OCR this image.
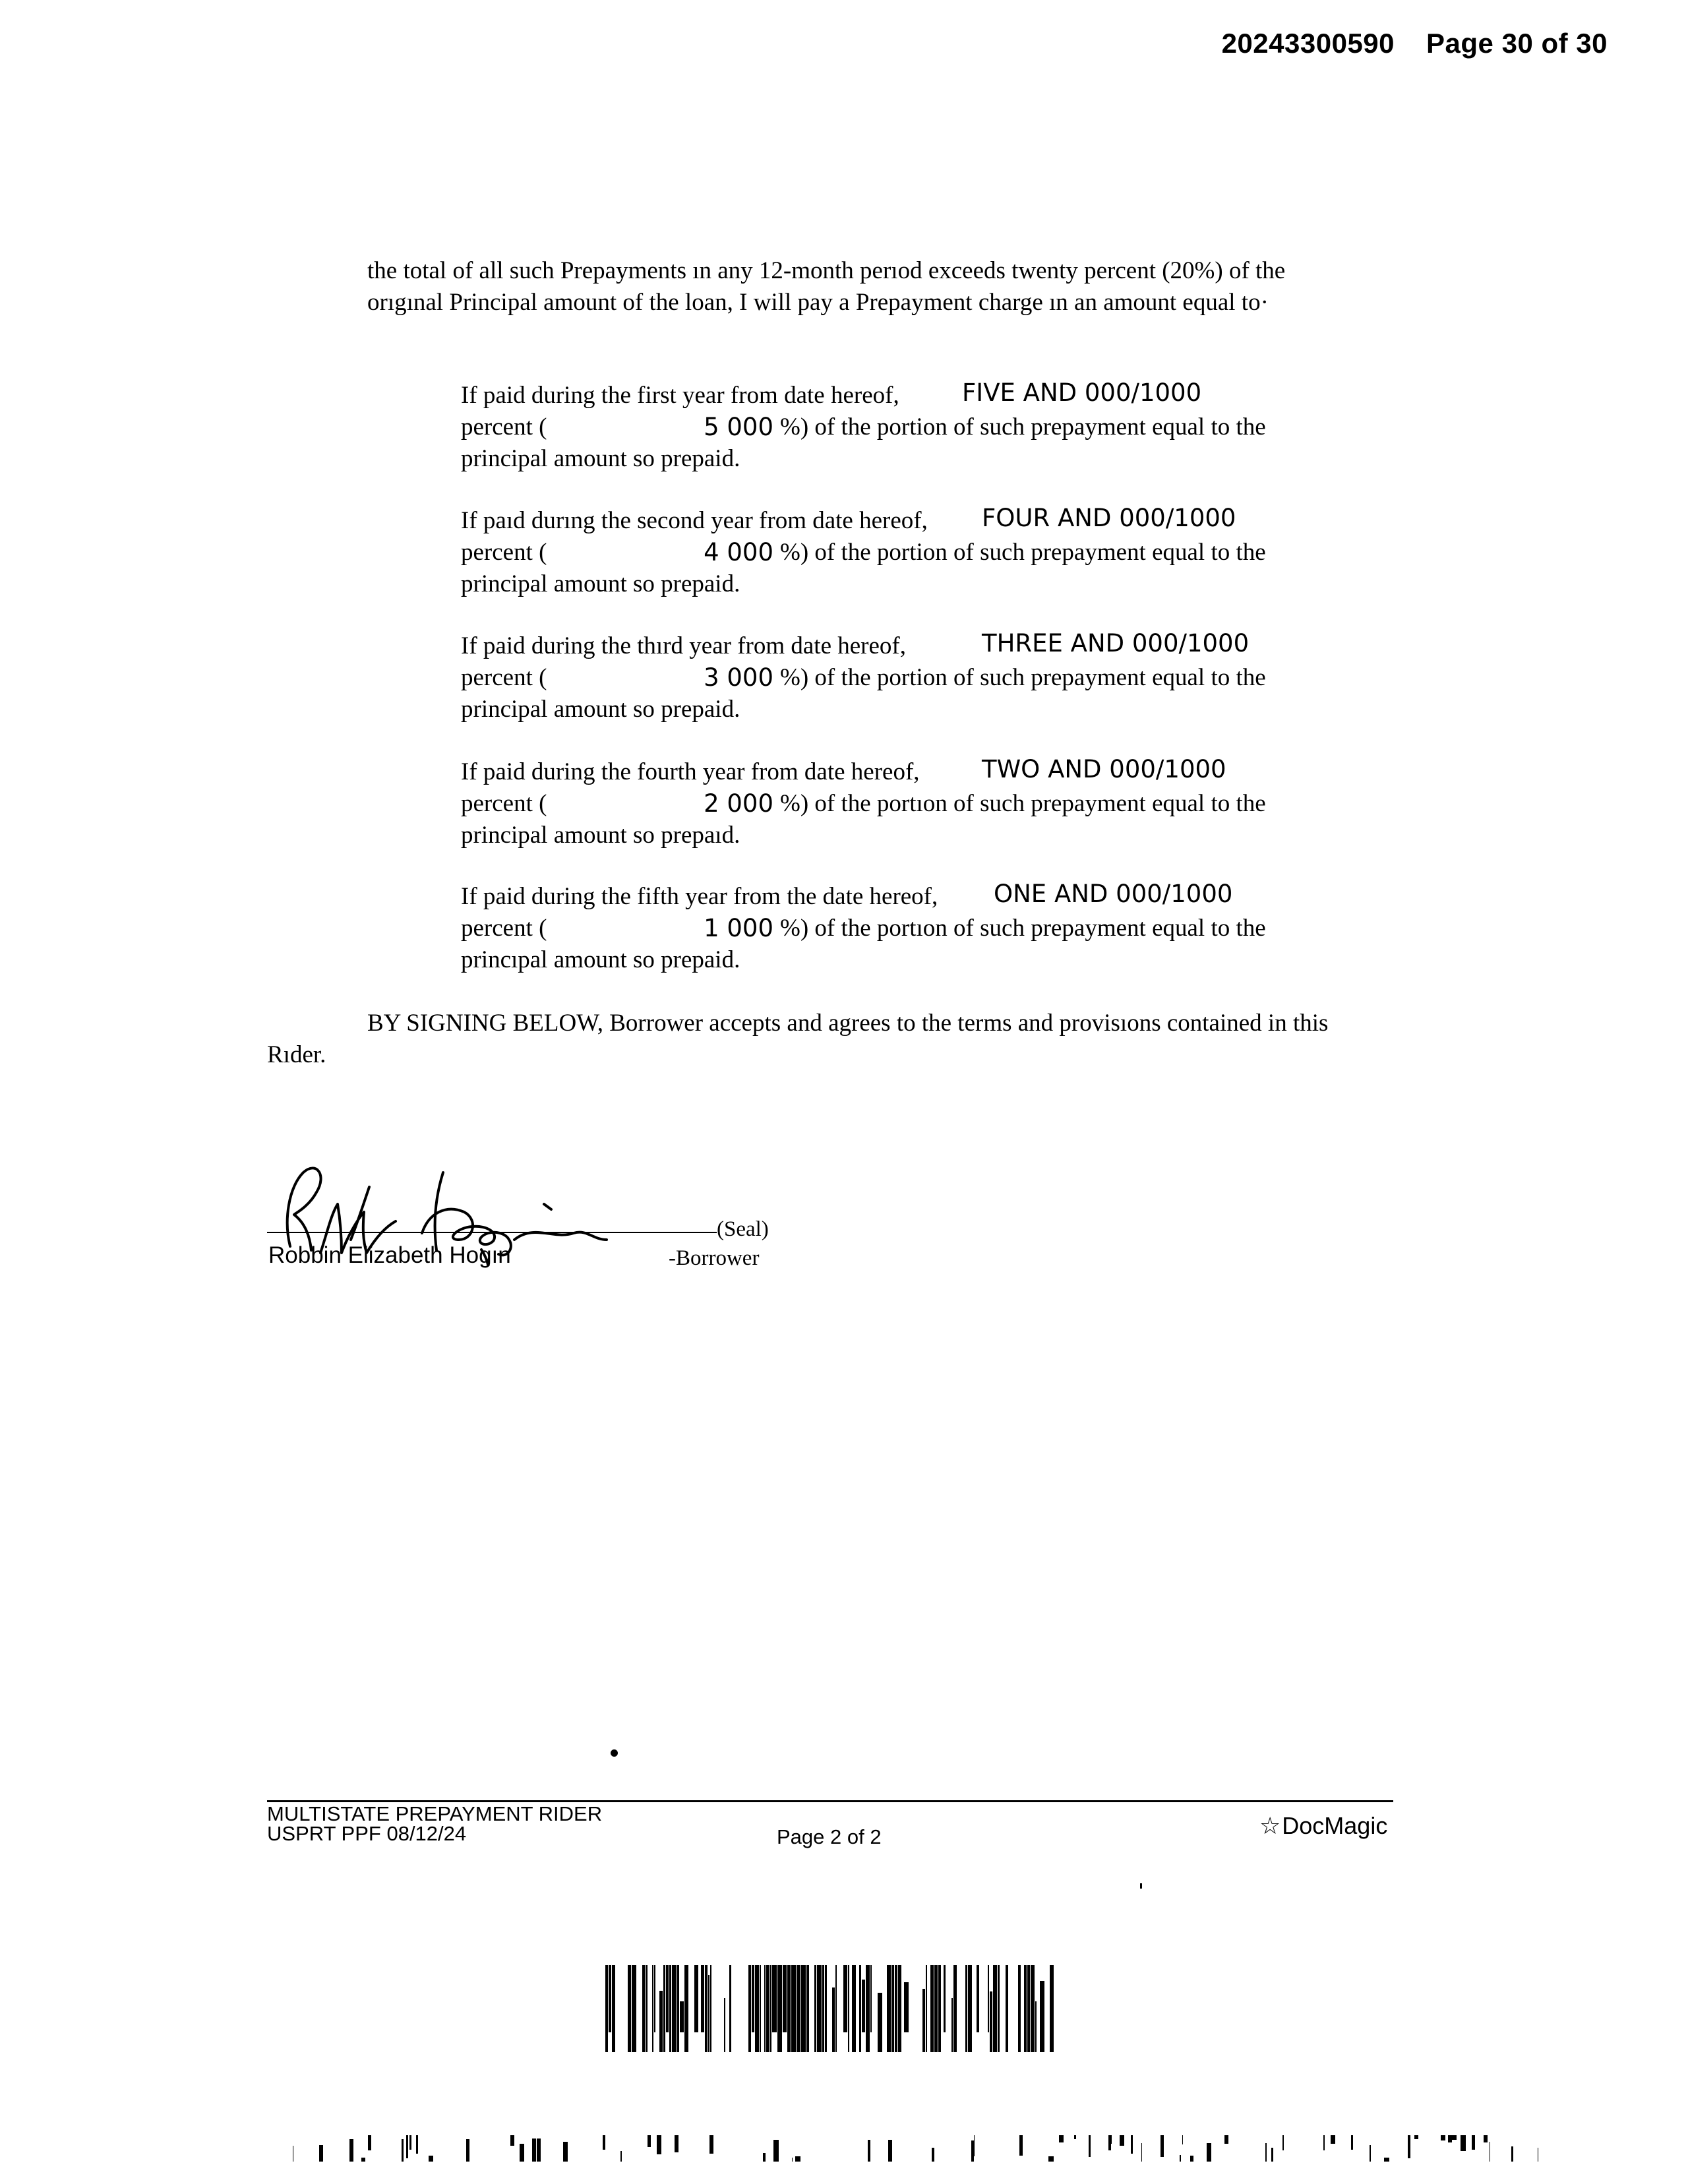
20243300590 Page 30 of 30
the total of all such Prepayments ın any 12-month perıod exceeds twenty percent (20%) of the orıgınal Principal amount of the loan, I will pay a Prepayment charge ın an amount equal to·
If paid during the first year from date hereof,	FIVE AND 000/1000
percent (	5 000 %) of the portion of such prepayment equal to the
principal amount so prepaid.
If paıd durıng the second year from date hereof, FOUR AND 000/1000
percent (	4 000 %) of the portion of such prepayment equal to the
principal amount so prepaid.
If paid during the thırd year from date hereof,	THREE AND 000/1000
percent (	3 000 %) of the portion of such prepayment equal to the
principal amount so prepaid.
If paid during the fourth year from date hereof,	TWO AND 000/1000
percent (	2 000 %) of the portıon of such prepayment equal to the
principal amount so prepaıd.
If paid during the fifth year from the date hereof, ONE AND 000/1000
percent (	1 000 %) of the portıon of such prepayment equal to the
princıpal amount so prepaid.
BY SIGNING BELOW, Borrower accepts and agrees to the terms and provisıons contained in this
Rıder.
(Seal)
Robbin Elizabeth Hogın	-Borrower
MULTISTATE PREPAYMENT RIDER
USPRT PPF 08/12/24	Page 2 of 2	☆DocMagic
